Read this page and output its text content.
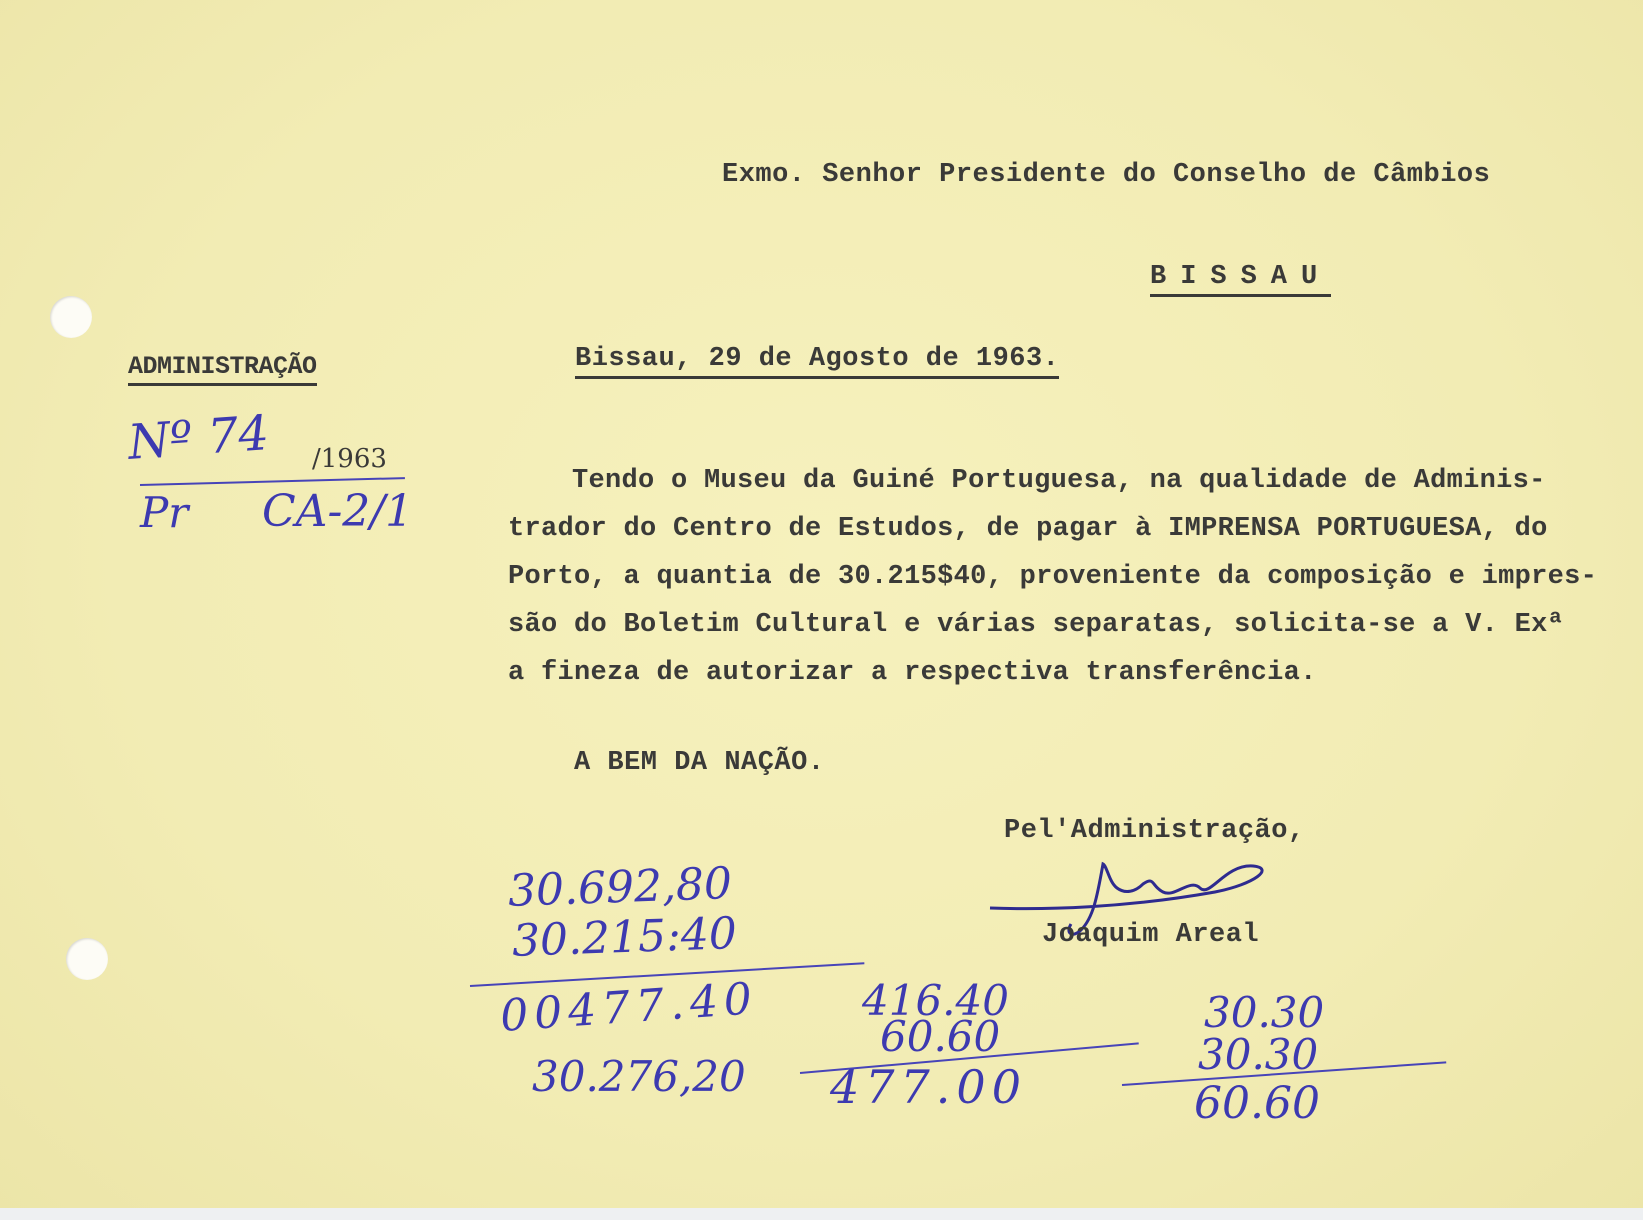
Exmo. Senhor Presidente do Conselho de Câmbios
BISSAU
ADMINISTRAÇÃO
Nº 74 /1963
Pr CA-2/1
Bissau, 29 de Agosto de 1963.
Tendo o Museu da Guiné Portuguesa, na qualidade de Adminis-
trador do Centro de Estudos, de pagar à IMPRENSA PORTUGUESA, do
Porto, a quantia de 30.215$40, proveniente da composição e impres-
são do Boletim Cultural e várias separatas, solicita-se a V. Exª
a fineza de autorizar a respectiva transferência.
A BEM DA NAÇÃO.
Pel'Administração,
Joaquim Areal
30.692,80
30.215:40
00477.40
30.276,20
416.40
60.60
477.00
30.30
30.30
60.60
